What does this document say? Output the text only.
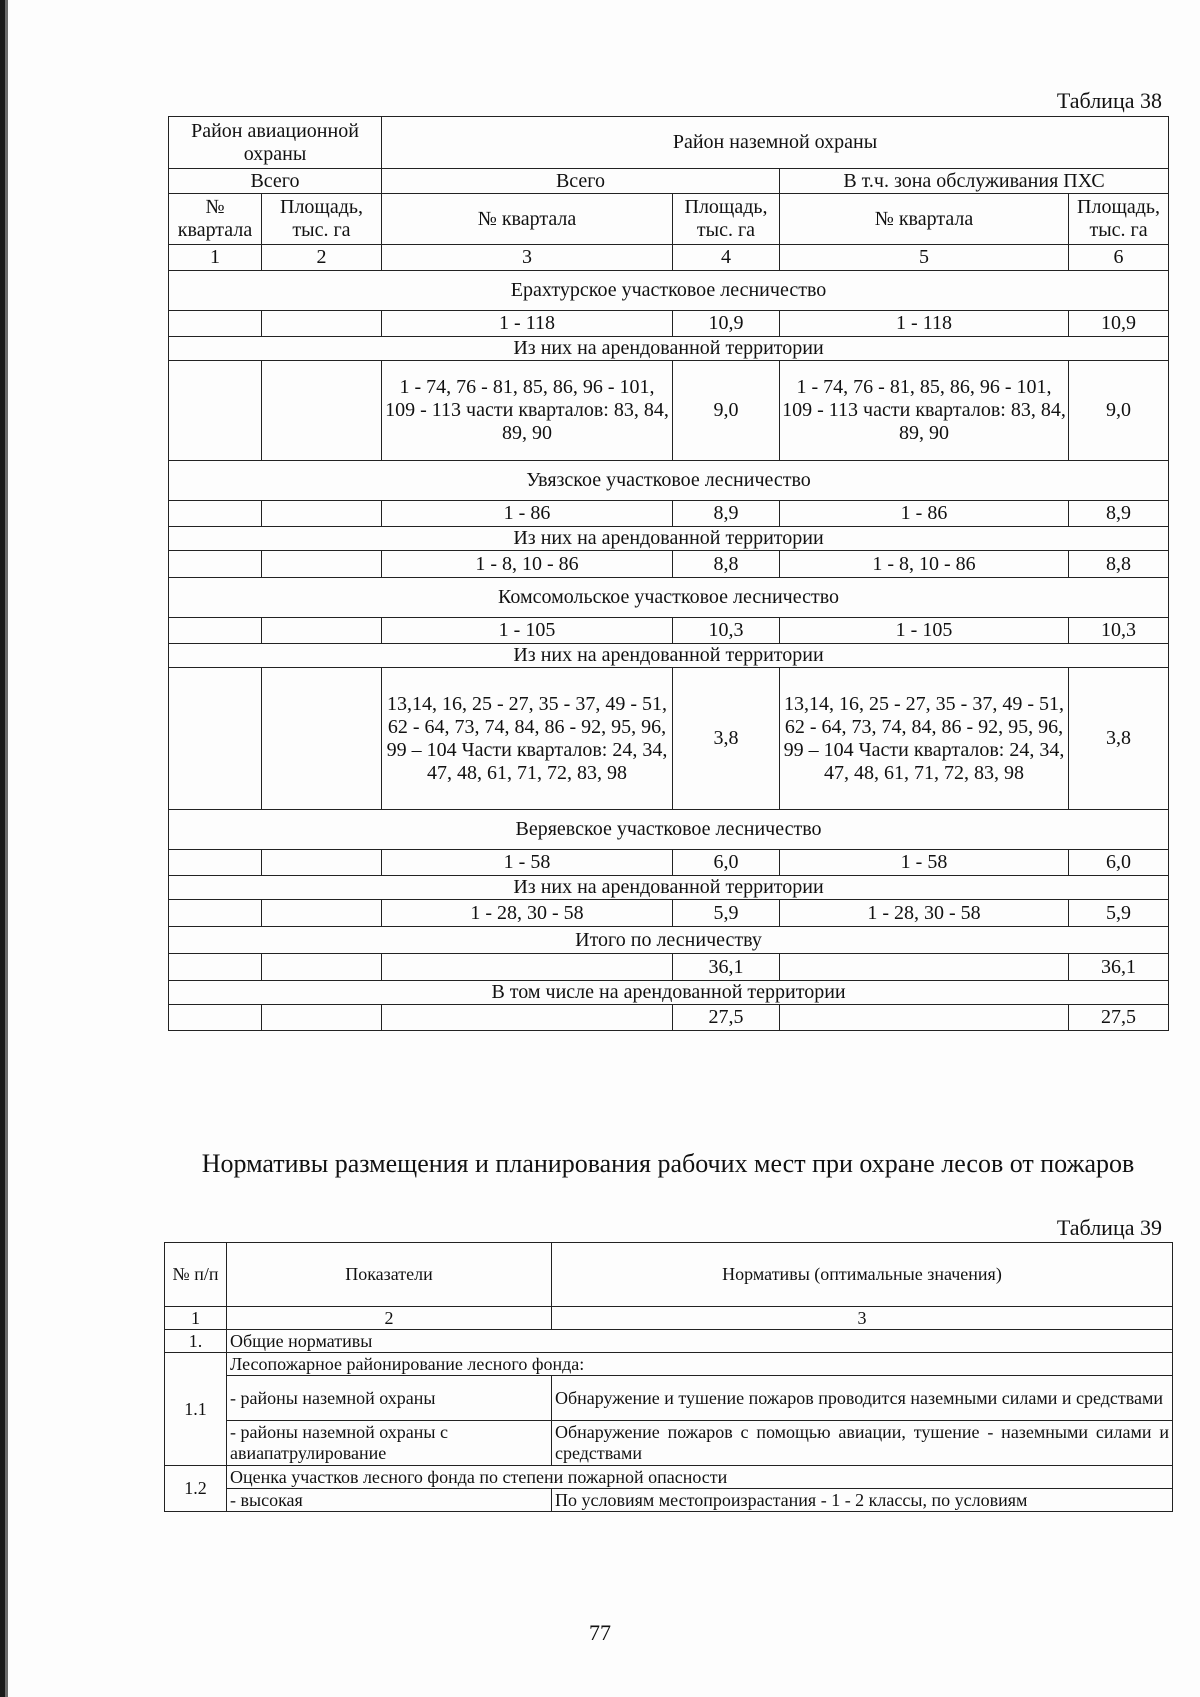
Таблица 38
Район авиационной охраны		Район наземной охраны			
Всего		Всего		В т.ч. зона обслуживания ПХС	
№ квартала	Площадь, тыс. га	№ квартала	Площадь, тыс. га	№ квартала	Площадь, тыс. га
1	2	3	4	5	6
Ерахтурское участковое лесничество					
		1 - 118	10,9	1 - 118	10,9
Из них на арендованной территории					
		1 - 74, 76 - 81, 85, 86, 96 - 101, 109 - 113 части кварталов: 83, 84, 89, 90	9,0	1 - 74, 76 - 81, 85, 86, 96 - 101, 109 - 113 части кварталов: 83, 84, 89, 90	9,0
Увязское участковое лесничество					
		1 - 86	8,9	1 - 86	8,9
Из них на арендованной территории					
		1 - 8, 10 - 86	8,8	1 - 8, 10 - 86	8,8
Комсомольское участковое лесничество					
		1 - 105	10,3	1 - 105	10,3
Из них на арендованной территории					
		13,14, 16, 25 - 27, 35 - 37, 49 - 51, 62 - 64, 73, 74, 84, 86 - 92, 95, 96, 99 – 104 Части кварталов: 24, 34, 47, 48, 61, 71, 72, 83, 98	3,8	13,14, 16, 25 - 27, 35 - 37, 49 - 51, 62 - 64, 73, 74, 84, 86 - 92, 95, 96, 99 – 104 Части кварталов: 24, 34, 47, 48, 61, 71, 72, 83, 98	3,8
Веряевское участковое лесничество					
		1 - 58	6,0	1 - 58	6,0
Из них на арендованной территории					
		1 - 28, 30 - 58	5,9	1 - 28, 30 - 58	5,9
Итого по лесничеству					
			36,1		36,1
В том числе на арендованной территории					
			27,5		27,5
Нормативы размещения и планирования рабочих мест при охране лесов от пожаров
Таблица 39
№ п/п	Показатели	Нормативы (оптимальные значения)
1	2	3
1.	Общие нормативы	
1.1	Лесопожарное районирование лесного фонда:	
	- районы наземной охраны	Обнаружение и тушение пожаров проводится наземными силами и средствами
	- районы наземной охраны с авиапатрулирование	Обнаружение пожаров с помощью авиации, тушение - наземными силами и средствами
1.2	Оценка участков лесного фонда по степени пожарной опасности	
	- высокая	По условиям местопроизрастания - 1 - 2 классы, по условиям
77
